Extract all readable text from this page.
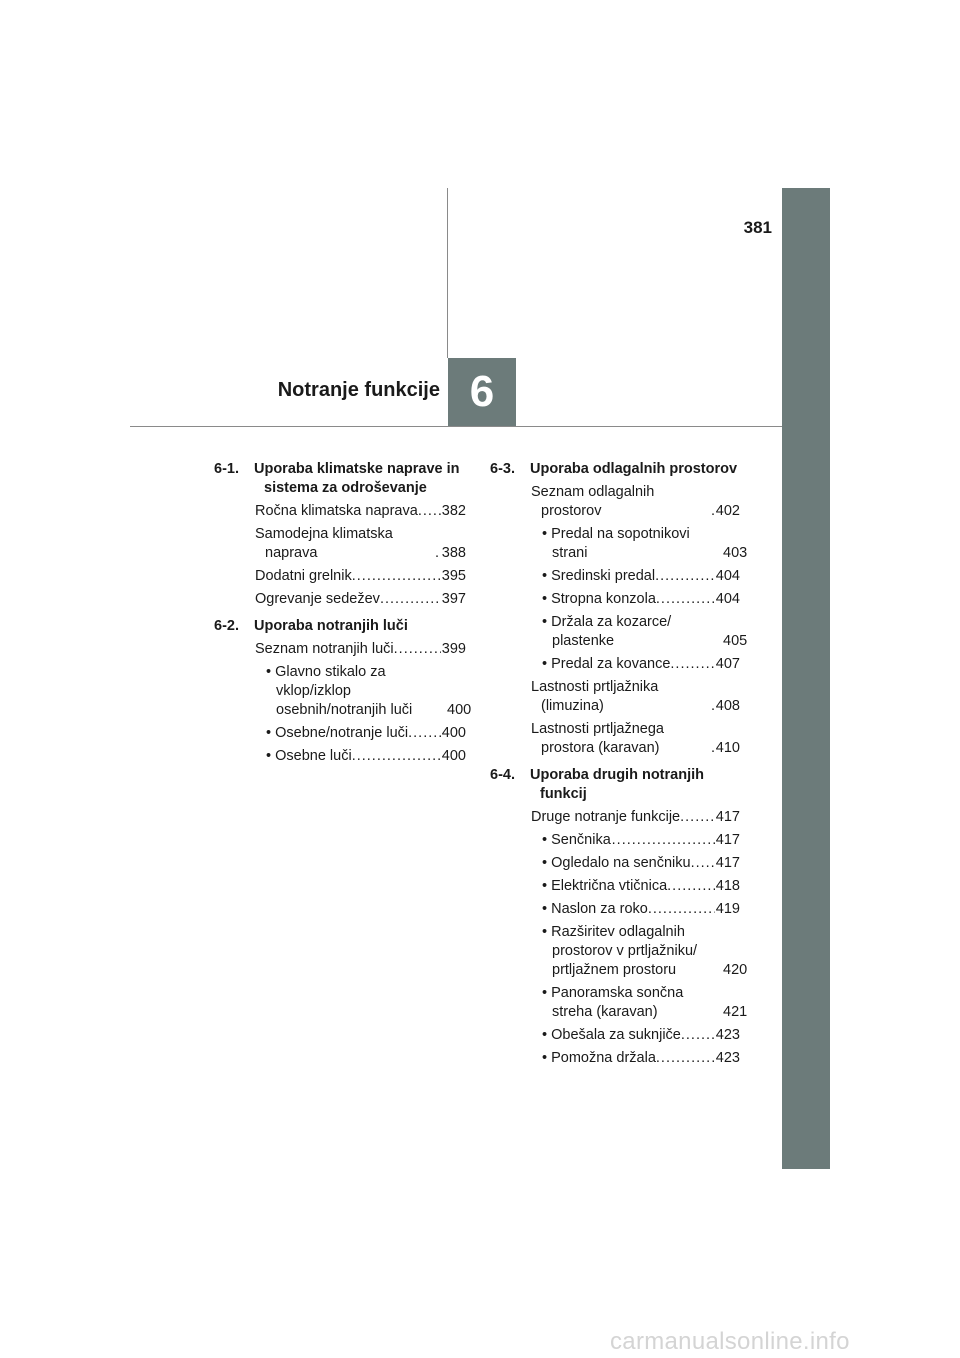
381
6
Notranje funkcije
6-1.	Uporaba klimatske naprave in sistema za odroševanje
Ročna klimatska naprava ..... 382
Samodejna klimatska naprava .....	388
Dodatni grelnik .....	395
Ogrevanje sedežev .....	397
6-2.	Uporaba notranjih luči
Seznam notranjih luči .....	399
• Glavno stikalo za vklop/izklop osebnih/notranjih luči	400
• Osebne/notranje luči ..... 400
• Osebne luči .....	400
6-3.	Uporaba odlagalnih prostorov
Seznam odlagalnih prostorov .....	402
• Predal na sopotnikovi strani	403
• Sredinski predal .....	404
• Stropna konzola .....	404
• Držala za kozarce/ plastenke	405
• Predal za kovance .....	407
Lastnosti prtljažnika (limuzina) .....	408
Lastnosti prtljažnega prostora (karavan) .....	410
6-4.	Uporaba drugih notranjih funkcij
Druge notranje funkcije ..... 417
• Senčnika .....	417
• Ogledalo na senčniku ..... 417
• Električna vtičnica .....	418
• Naslon za roko .....	419
• Razširitev odlagalnih prostorov v prtljažniku/ prtljažnem prostoru	420
• Panoramska sončna streha (karavan)	421
• Obešala za suknjiče ..... 423
• Pomožna držala .....	423
carmanualsonline.info
